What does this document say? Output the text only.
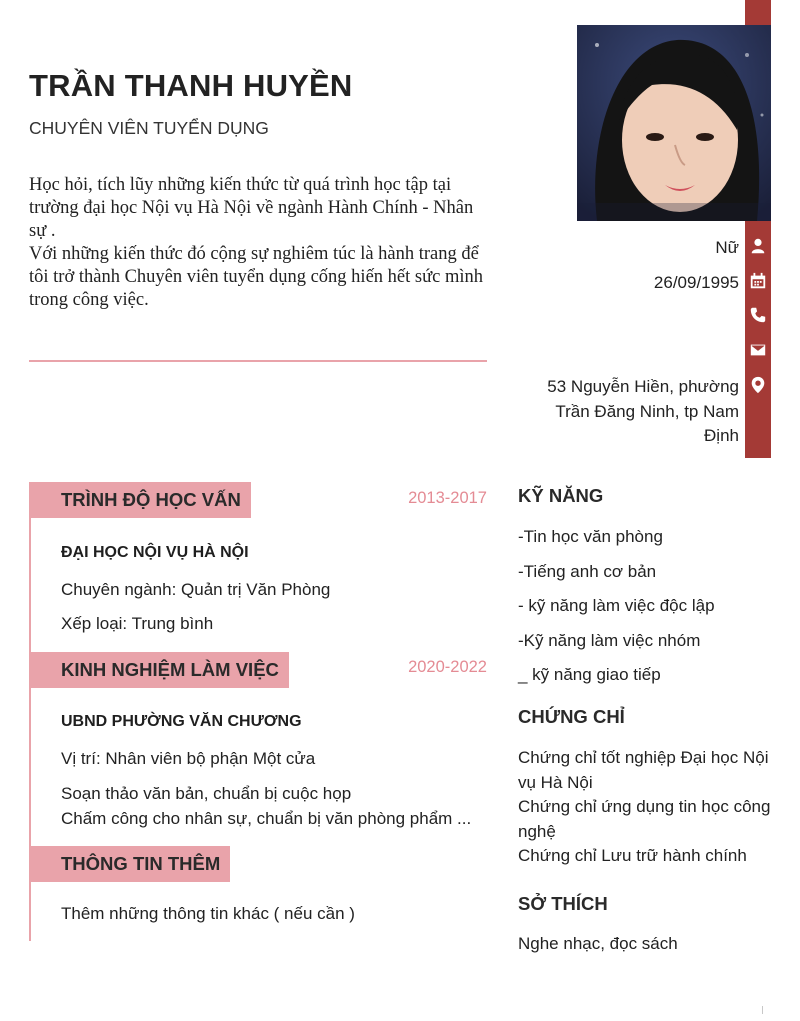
TRẦN THANH HUYỀN
CHUYÊN VIÊN TUYỂN DỤNG

Học hỏi, tích lũy những kiến thức từ quá trình học tập tại trường đại học Nội vụ Hà Nội về ngành Hành Chính - Nhân sự .

Với những kiến thức đó cộng sự nghiêm túc là hành trang để tôi trở thành Chuyên viên tuyển dụng cống hiến hết sức mình trong công việc.

Nữ
26/09/1995
53 Nguyễn Hiền, phường Trần Đăng Ninh, tp Nam Định
TRÌNH ĐỘ HỌC VẤN	2013-2017
ĐẠI HỌC NỘI VỤ HÀ NỘI
Chuyên ngành: Quản trị Văn Phòng
Xếp loại: Trung bình
KINH NGHIỆM LÀM VIỆC	2020-2022
UBND PHƯỜNG VĂN CHƯƠNG
Vị trí: Nhân viên bộ phận Một cửa
Soạn thảo văn bản, chuẩn bị cuộc họp
Chấm công cho nhân sự, chuẩn bị văn phòng phẩm ...
THÔNG TIN THÊM
Thêm những thông tin khác ( nếu cần )
KỸ NĂNG
-Tin học văn phòng
-Tiếng anh cơ bản
- kỹ năng làm việc độc lập
-Kỹ năng làm việc nhóm
_ kỹ năng giao tiếp
CHỨNG CHỈ
Chứng chỉ tốt nghiệp Đại học Nội vụ Hà Nội
Chứng chỉ ứng dụng tin học công nghệ
Chứng chỉ Lưu trữ hành chính
SỞ THÍCH
Nghe nhạc, đọc sách
